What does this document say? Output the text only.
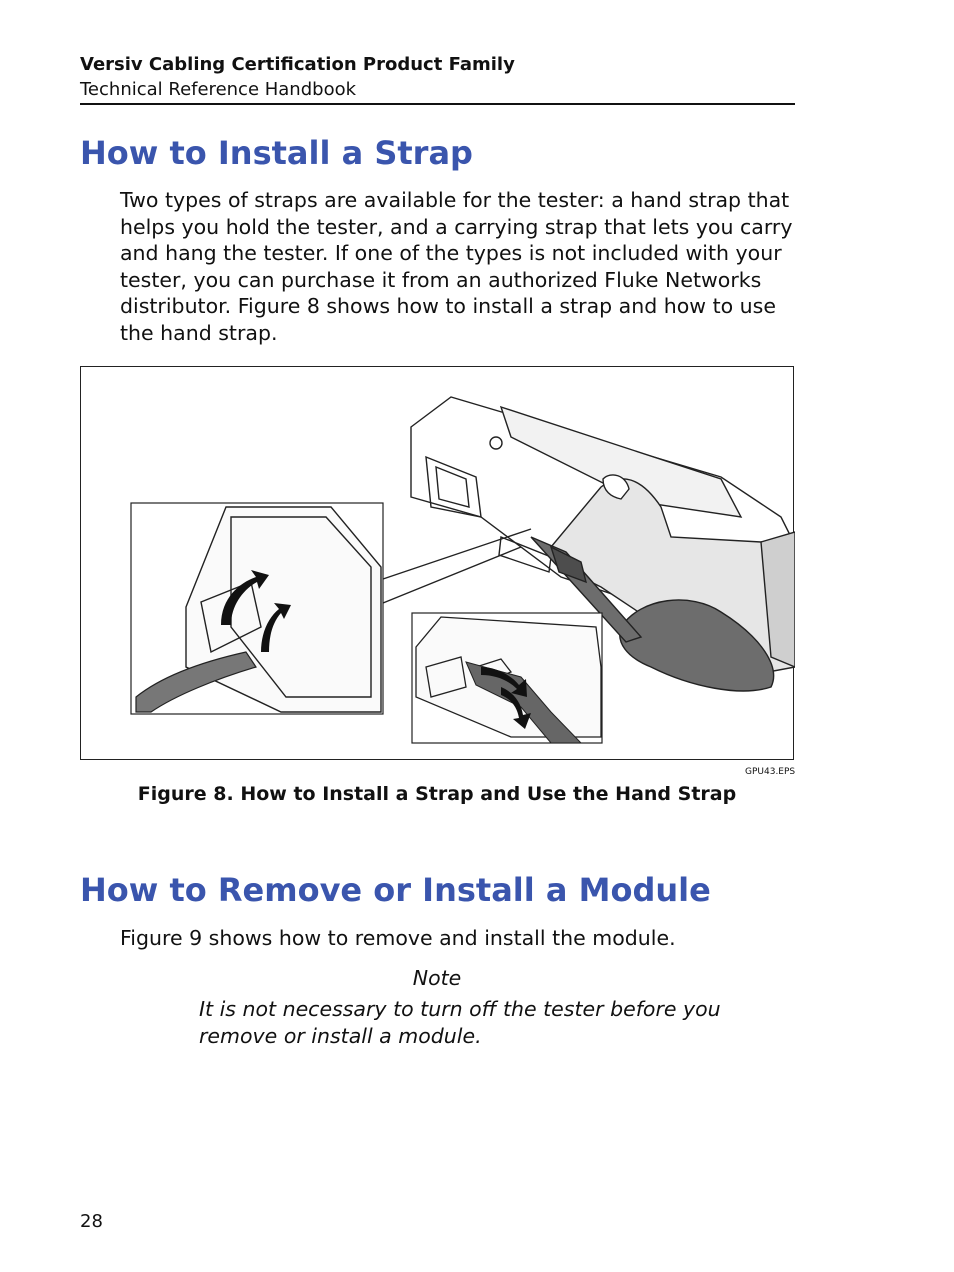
Versiv Cabling Certification Product Family
Technical Reference Handbook
How to Install a Strap

Two types of straps are available for the tester: a hand strap that helps you hold the tester, and a carrying strap that lets you carry and hang the tester. If one of the types is not included with your tester, you can purchase it from an authorized Fluke Networks distributor. Figure 8 shows how to install a strap and how to use the hand strap.

GPU43.EPS
Figure 8. How to Install a Strap and Use the Hand Strap
How to Remove or Install a Module

Figure 9 shows how to remove and install the module.

Note

It is not necessary to turn off the tester before you remove or install a module.

28
